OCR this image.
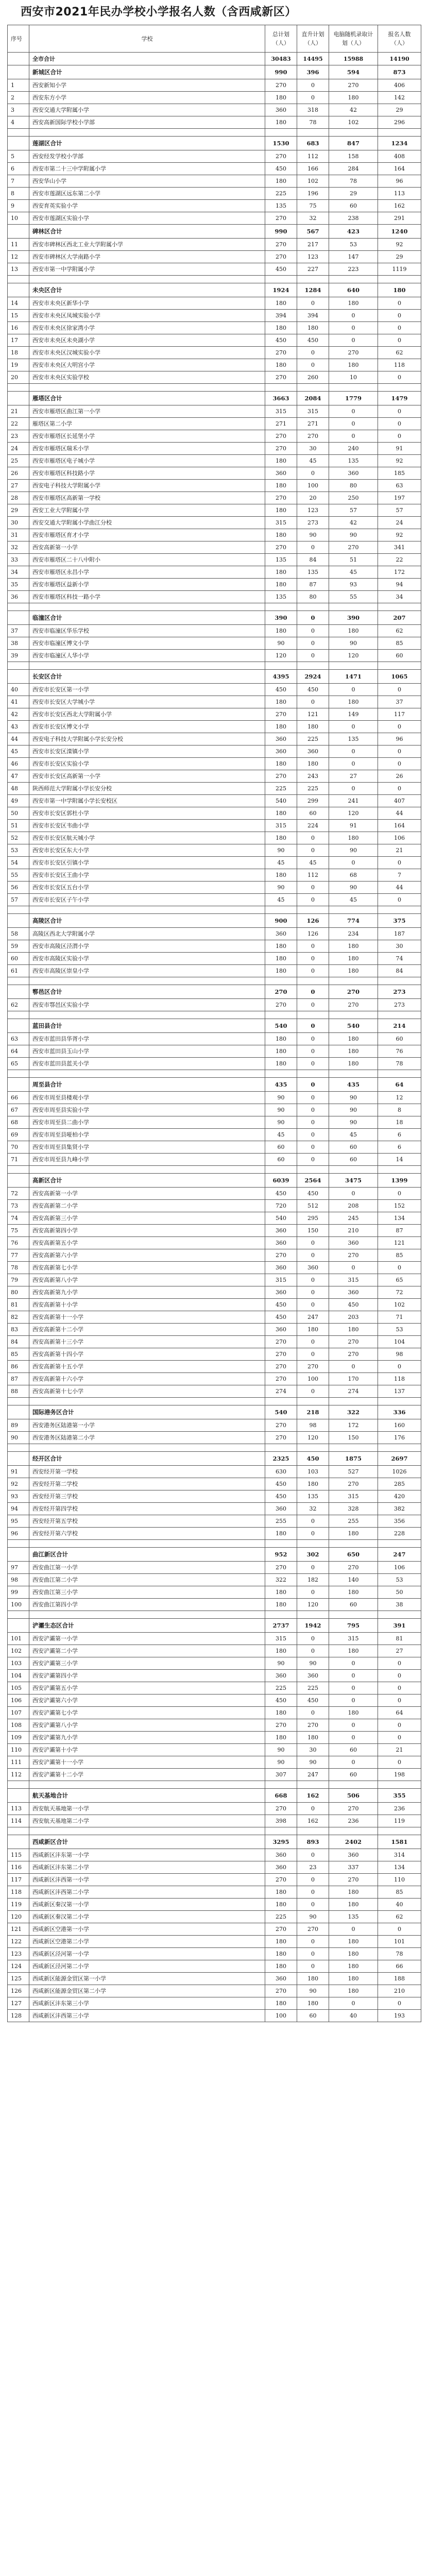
西安市2021年民办学校小学报名人数（含西咸新区）
序号	学校	总计划（人）	直升计划（人）	电脑随机录取计划（人）	报名人数（人）
	全市合计	30483	14495	15988	14190
	新城区合计	990	396	594	873
1	西安新知小学	270	0	270	406
2	西安东方小学	180	0	180	142
3	西安交通大学附属小学	360	318	42	29
4	西安高新国际学校小学部	180	78	102	296

	莲湖区合计	1530	683	847	1234
5	西安经发学校小学部	270	112	158	408
6	西安市第二十三中学附属小学	450	166	284	164
7	西安华山小学	180	102	78	96
8	西安市莲湖区远东第二小学	225	196	29	113
9	西安育英实验小学	135	75	60	162
10	西安市莲湖区实验小学	270	32	238	291
	碑林区合计	990	567	423	1240
11	西安市碑林区西北工业大学附属小学	270	217	53	92
12	西安市碑林区大学南路小学	270	123	147	29
13	西安市第一中学附属小学	450	227	223	1119

	未央区合计	1924	1284	640	180
14	西安市未央区新华小学	180	0	180	0
15	西安市未央区凤城实验小学	394	394	0	0
16	西安市未央区徐家湾小学	180	180	0	0
17	西安市未央区未央湖小学	450	450	0	0
18	西安市未央区汉城实验小学	270	0	270	62
19	西安市未央区大明宫小学	180	0	180	118
20	西安市未央区实验学校	270	260	10	0

	雁塔区合计	3663	2084	1779	1479
21	西安市雁塔区曲江第一小学	315	315	0	0
22	雁塔区第二小学	271	271	0	0
23	西安市雁塔区长延堡小学	270	270	0	0
24	西安市雁塔区瑞禾小学	270	30	240	91
25	西安市雁塔区电子城小学	180	45	135	92
26	西安市雁塔区科技路小学	360	0	360	185
27	西安电子科技大学附属小学	180	100	80	63
28	西安市雁塔区高新第一学校	270	20	250	197
29	西安工业大学附属小学	180	123	57	57
30	西安交通大学附属小学曲江分校	315	273	42	24
31	西安市雁塔区育才小学	180	90	90	92
32	西安高新第一小学	270	0	270	341
33	西安市雁塔区二十八中附小	135	84	51	22
34	西安市雁塔区永昌小学	180	135	45	172
35	西安市雁塔区益新小学	180	87	93	94
36	西安市雁塔区科技一路小学	135	80	55	34

	临潼区合计	390	0	390	207
37	西安市临潼区华乐学校	180	0	180	62
38	西安市临潼区博文小学	90	0	90	85
39	西安市临潼区人华小学	120	0	120	60

	长安区合计	4395	2924	1471	1065
40	西安市长安区第一小学	450	450	0	0
41	西安市长安区大学城小学	180	0	180	37
42	西安市长安区西北大学附属小学	270	121	149	117
43	西安市长安区博文小学	180	180	0	0
44	西安电子科技大学附属小学长安分校	360	225	135	96
45	西安市长安区滦镇小学	360	360	0	0
46	西安市长安区实验小学	180	180	0	0
47	西安市长安区高新第一小学	270	243	27	26
48	陕西师范大学附属小学长安分校	225	225	0	0
49	西安市第一中学附属小学长安校区	540	299	241	407
50	西安市长安区郭杜小学	180	60	120	44
51	西安市长安区韦曲小学	315	224	91	164
52	西安市长安区航天城小学	180	0	180	106
53	西安市长安区东大小学	90	0	90	21
54	西安市长安区引镇小学	45	45	0	0
55	西安市长安区王曲小学	180	112	68	7
56	西安市长安区五台小学	90	0	90	44
57	西安市长安区子午小学	45	0	45	0

	高陵区合计	900	126	774	375
58	高陵区西北大学附属小学	360	126	234	187
59	西安市高陵区泾渭小学	180	0	180	30
60	西安市高陵区实验小学	180	0	180	74
61	西安市高陵区崇皇小学	180	0	180	84

	鄠邑区合计	270	0	270	273
62	西安市鄠邑区实验小学	270	0	270	273

	蓝田县合计	540	0	540	214
63	西安市蓝田县华胥小学	180	0	180	60
64	西安市蓝田县玉山小学	180	0	180	76
65	西安市蓝田县蓝关小学	180	0	180	78

	周至县合计	435	0	435	64
66	西安市周至县楼观小学	90	0	90	12
67	西安市周至县实验小学	90	0	90	8
68	西安市周至县二曲小学	90	0	90	18
69	西安市周至县哑柏小学	45	0	45	6
70	西安市周至县集贤小学	60	0	60	6
71	西安市周至县九峰小学	60	0	60	14

	高新区合计	6039	2564	3475	1399
72	西安高新第一小学	450	450	0	0
73	西安高新第二小学	720	512	208	152
74	西安高新第三小学	540	295	245	134
75	西安高新第四小学	360	150	210	87
76	西安高新第五小学	360	0	360	121
77	西安高新第六小学	270	0	270	85
78	西安高新第七小学	360	360	0	0
79	西安高新第八小学	315	0	315	65
80	西安高新第九小学	360	0	360	72
81	西安高新第十小学	450	0	450	102
82	西安高新第十一小学	450	247	203	71
83	西安高新第十二小学	360	180	180	53
84	西安高新第十三小学	270	0	270	104
85	西安高新第十四小学	270	0	270	98
86	西安高新第十五小学	270	270	0	0
87	西安高新第十六小学	270	100	170	118
88	西安高新第十七小学	274	0	274	137

	国际港务区合计	540	218	322	336
89	西安港务区陆港第一小学	270	98	172	160
90	西安港务区陆港第二小学	270	120	150	176

	经开区合计	2325	450	1875	2697
91	西安经开第一学校	630	103	527	1026
92	西安经开第二学校	450	180	270	285
93	西安经开第三学校	450	135	315	420
94	西安经开第四学校	360	32	328	382
95	西安经开第五学校	255	0	255	356
96	西安经开第六学校	180	0	180	228

	曲江新区合计	952	302	650	247
97	西安曲江第一小学	270	0	270	106
98	西安曲江第二小学	322	182	140	53
99	西安曲江第三小学	180	0	180	50
100	西安曲江第四小学	180	120	60	38

	浐灞生态区合计	2737	1942	795	391
101	西安浐灞第一小学	315	0	315	81
102	西安浐灞第二小学	180	0	180	27
103	西安浐灞第三小学	90	90	0	0
104	西安浐灞第四小学	360	360	0	0
105	西安浐灞第五小学	225	225	0	0
106	西安浐灞第六小学	450	450	0	0
107	西安浐灞第七小学	180	0	180	64
108	西安浐灞第八小学	270	270	0	0
109	西安浐灞第九小学	180	180	0	0
110	西安浐灞第十小学	90	30	60	21
111	西安浐灞第十一小学	90	90	0	0
112	西安浐灞第十二小学	307	247	60	198

	航天基地合计	668	162	506	355
113	西安航天基地第一小学	270	0	270	236
114	西安航天基地第二小学	398	162	236	119

	西咸新区合计	3295	893	2402	1581
115	西咸新区沣东第一小学	360	0	360	314
116	西咸新区沣东第二小学	360	23	337	134
117	西咸新区沣西第一小学	270	0	270	110
118	西咸新区沣西第二小学	180	0	180	85
119	西咸新区秦汉第一小学	180	0	180	40
120	西咸新区秦汉第二小学	225	90	135	62
121	西咸新区空港第一小学	270	270	0	0
122	西咸新区空港第二小学	180	0	180	101
123	西咸新区泾河第一小学	180	0	180	78
124	西咸新区泾河第二小学	180	0	180	66
125	西咸新区能源金贸区第一小学	360	180	180	188
126	西咸新区能源金贸区第二小学	270	90	180	210
127	西咸新区沣东第三小学	180	180	0	0
128	西咸新区沣西第三小学	100	60	40	193
